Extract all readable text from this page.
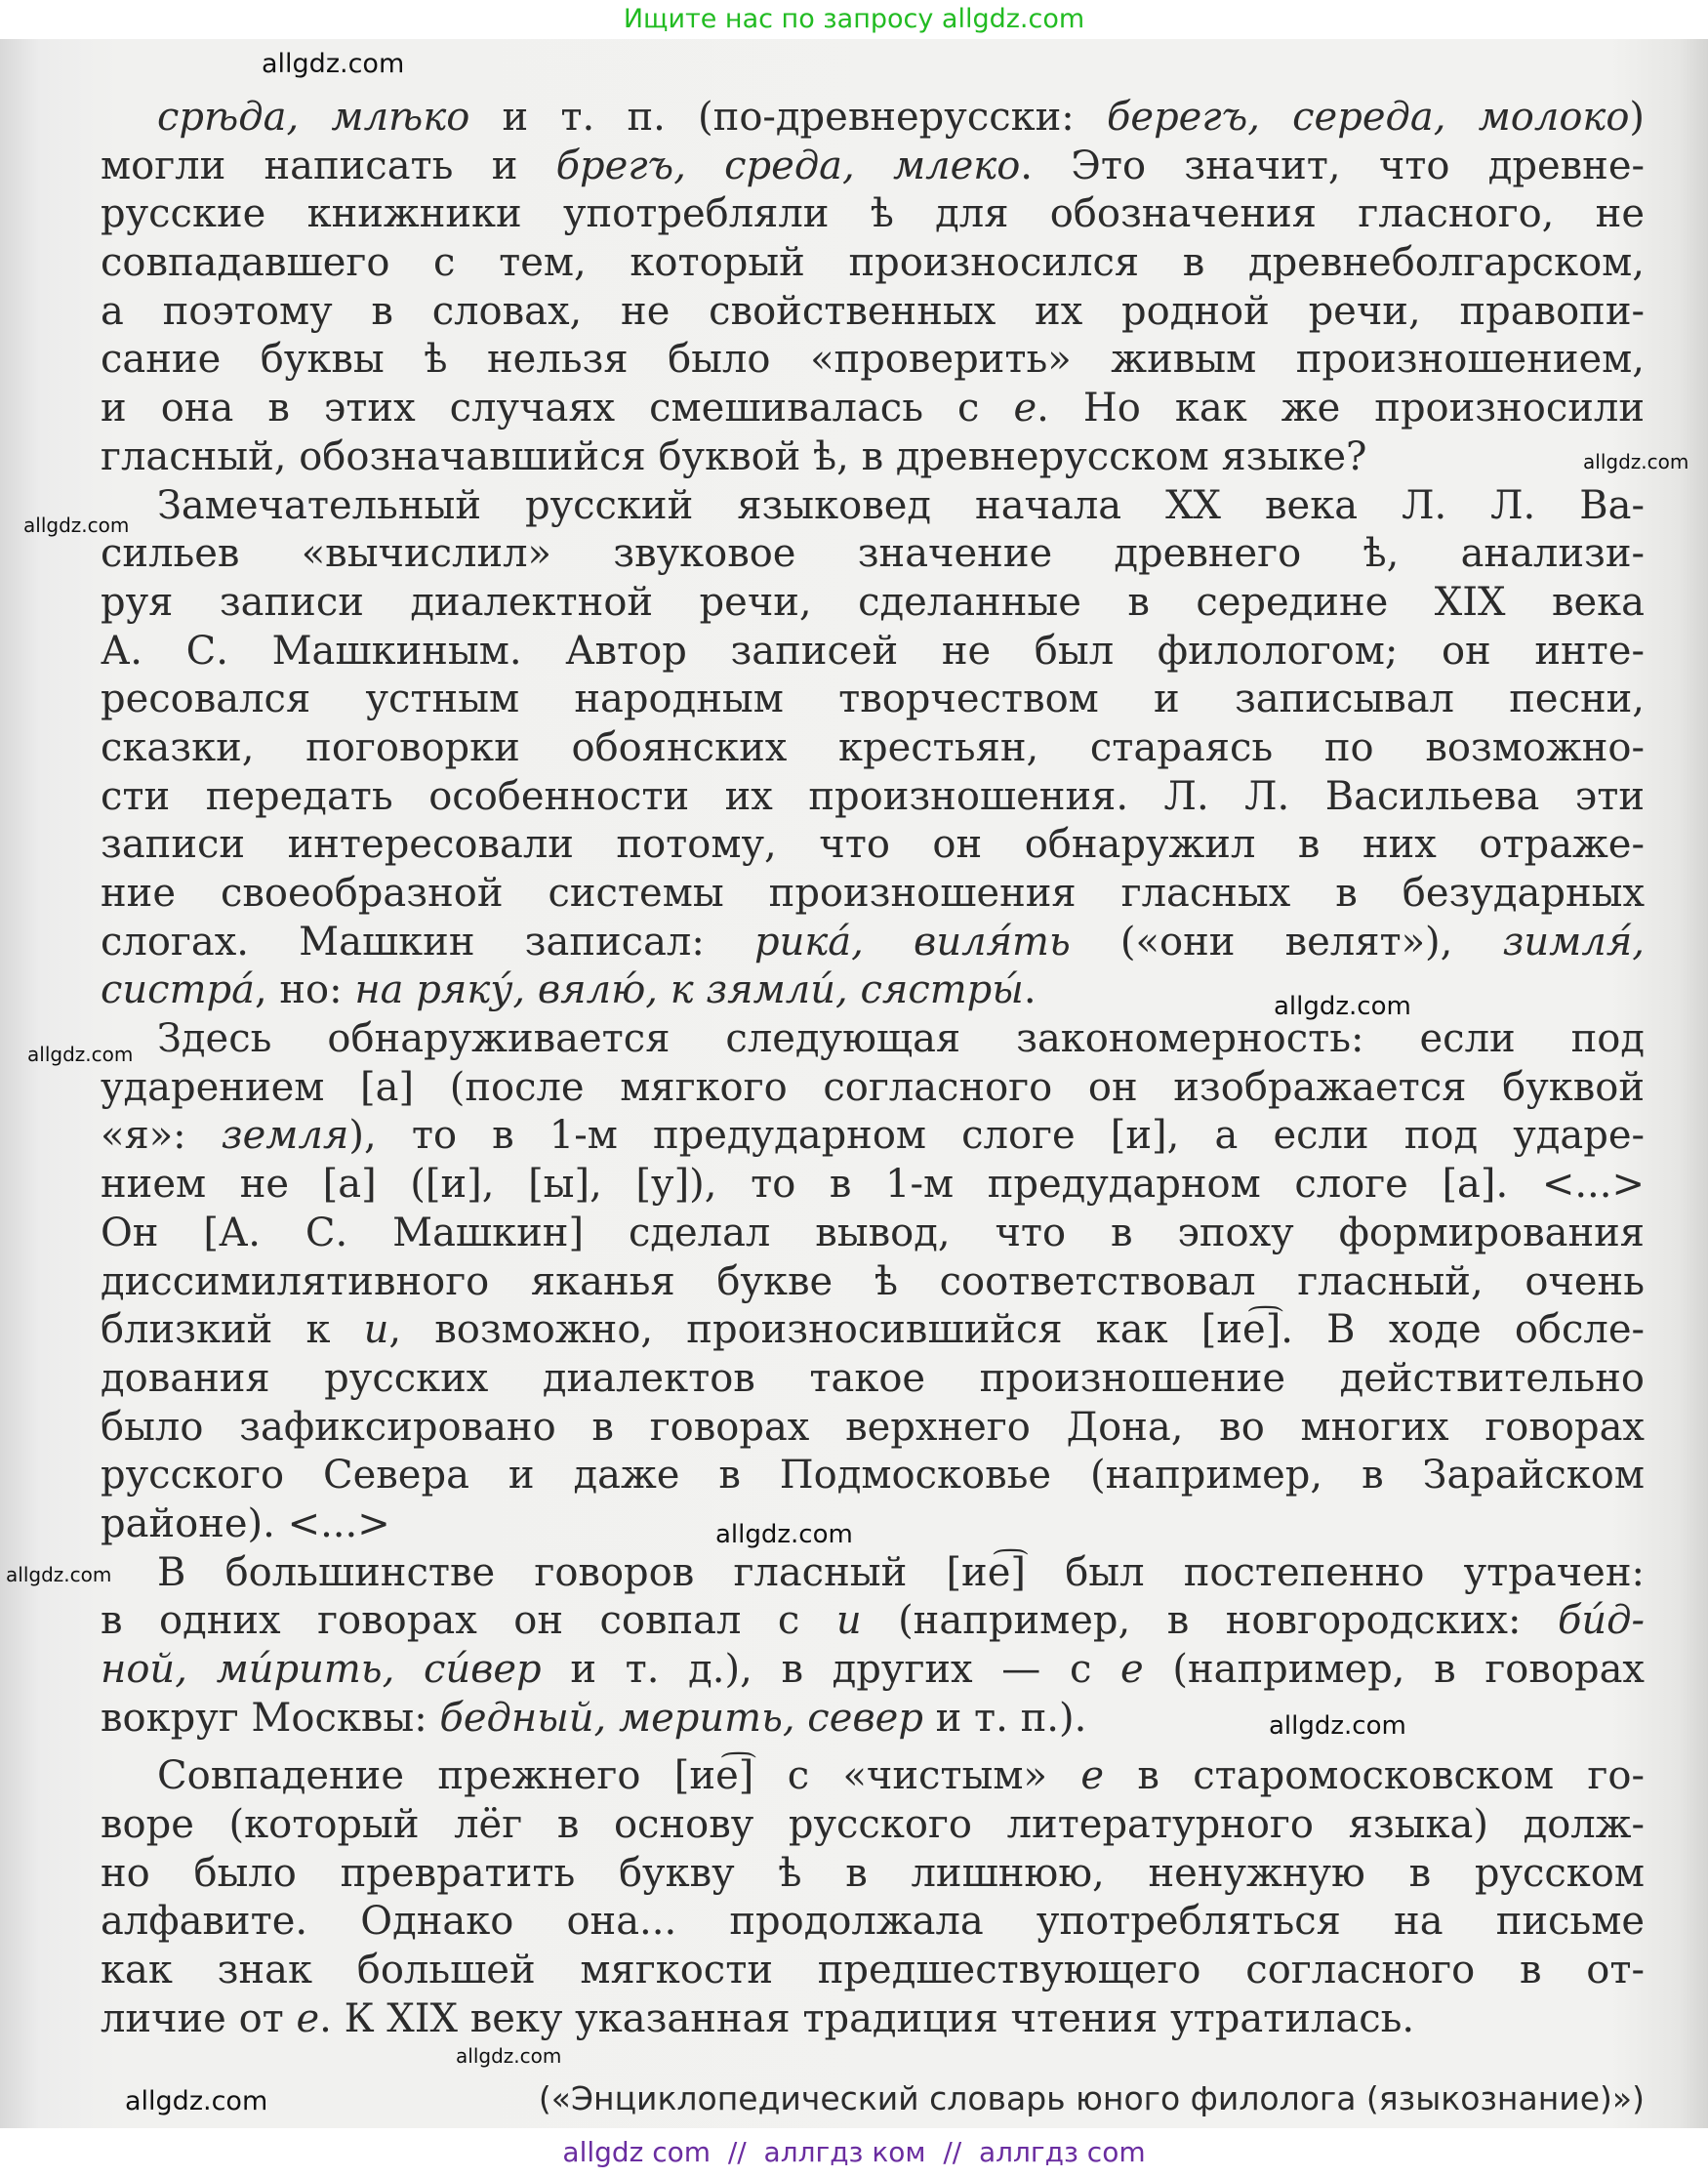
Ищите нас по запросу allgdz.com
срѣда, млѣко и т. п. (по-древнерусски: берегъ, середа, молоко)
могли написать и брегъ, среда, млеко. Это значит, что древне-
русские книжники употребляли ѣ для обозначения гласного, не
совпадавшего с тем, который произносился в древнеболгарском,
а поэтому в словах, не свойственных их родной речи, правопи-
сание буквы ѣ нельзя было «проверить» живым произношением,
и она в этих случаях смешивалась с е. Но как же произносили
гласный, обозначавшийся буквой ѣ, в древнерусском языке?
Замечательный русский языковед начала XX века Л. Л. Ва-
сильев «вычислил» звуковое значение древнего ѣ, анализи-
руя записи диалектной речи, сделанные в середине XIX века
А. С. Машкиным. Автор записей не был филологом; он инте-
ресовался устным народным творчеством и записывал песни,
сказки, поговорки обоянских крестьян, стараясь по возможно-
сти передать особенности их произношения. Л. Л. Васильева эти
записи интересовали потому, что он обнаружил в них отраже-
ние своеобразной системы произношения гласных в безударных
слогах. Машкин записал: рика́, виля́ть («они велят»), зимля́,
систра́, но: на ряку́, вялю́, к зямли́, сястры́.
Здесь обнаруживается следующая закономерность: если под
ударением [а] (после мягкого согласного он изображается буквой
«я»: земля), то в 1-м предударном слоге [и], а если под ударе-
нием не [а] ([и], [ы], [у]), то в 1-м предударном слоге [а]. <...>
Он [А. С. Машкин] сделал вывод, что в эпоху формирования
диссимилятивного яканья букве ѣ соответствовал гласный, очень
близкий к и, возможно, произносившийся как [ие͡]. В ходе обсле-
дования русских диалектов такое произношение действительно
было зафиксировано в говорах верхнего Дона, во многих говорах
русского Севера и даже в Подмосковье (например, в Зарайском
районе). <...>
В большинстве говоров гласный [ие͡] был постепенно утрачен:
в одних говорах он совпал с и (например, в новгородских: би́д-
ной, ми́рить, си́вер и т. д.), в других — с е (например, в говорах
вокруг Москвы: бедный, мерить, север и т. п.).
Совпадение прежнего [ие͡] с «чистым» е в старомосковском го-
воре (который лёг в основу русского литературного языка) долж-
но было превратить букву ѣ в лишнюю, ненужную в русском
алфавите. Однако она... продолжала употребляться на письме
как знак большей мягкости предшествующего согласного в от-
личие от е. К XIX веку указанная традиция чтения утратилась.
(«Энциклопедический словарь юного филолога (языкознание)»)
allgdz.com
allgdz.com
allgdz.com
allgdz.com
allgdz.com
allgdz.com
allgdz.com
allgdz.com
allgdz.com
allgdz.com
allgdz com  //  аллгдз ком  //  аллгдз com
